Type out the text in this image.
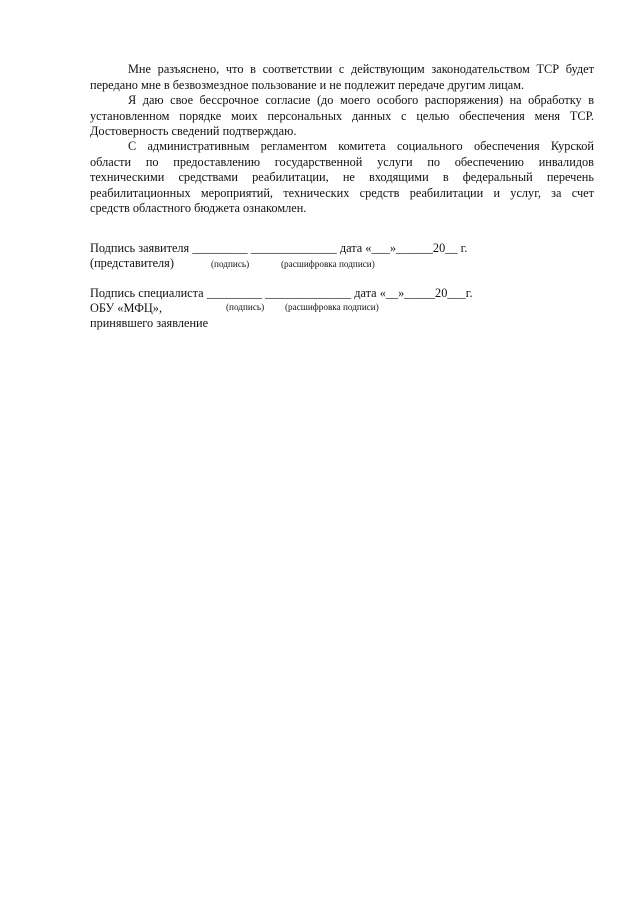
Мне разъяснено, что в соответствии с действующим законодательством ТСР будет
передано мне в безвозмездное пользование и не подлежит передаче другим лицам.
Я даю свое бессрочное согласие (до моего особого распоряжения) на обработку в
установленном порядке моих персональных данных с целью обеспечения меня ТСР.
Достоверность сведений подтверждаю.
С административным регламентом комитета социального обеспечения Курской
области по предоставлению государственной услуги по обеспечению инвалидов
техническими средствами реабилитации, не входящими в федеральный перечень
реабилитационных мероприятий, технических средств реабилитации и услуг, за счет
средств областного бюджета ознакомлен.
Подпись заявителя _________ ______________ дата «___»______20__ г.
(представителя)	(подпись)	(расшифровка подписи)
Подпись специалиста _________ ______________ дата «__»_____20___г.
ОБУ «МФЦ»,	(подпись) (расшифровка подписи)
принявшего заявление
